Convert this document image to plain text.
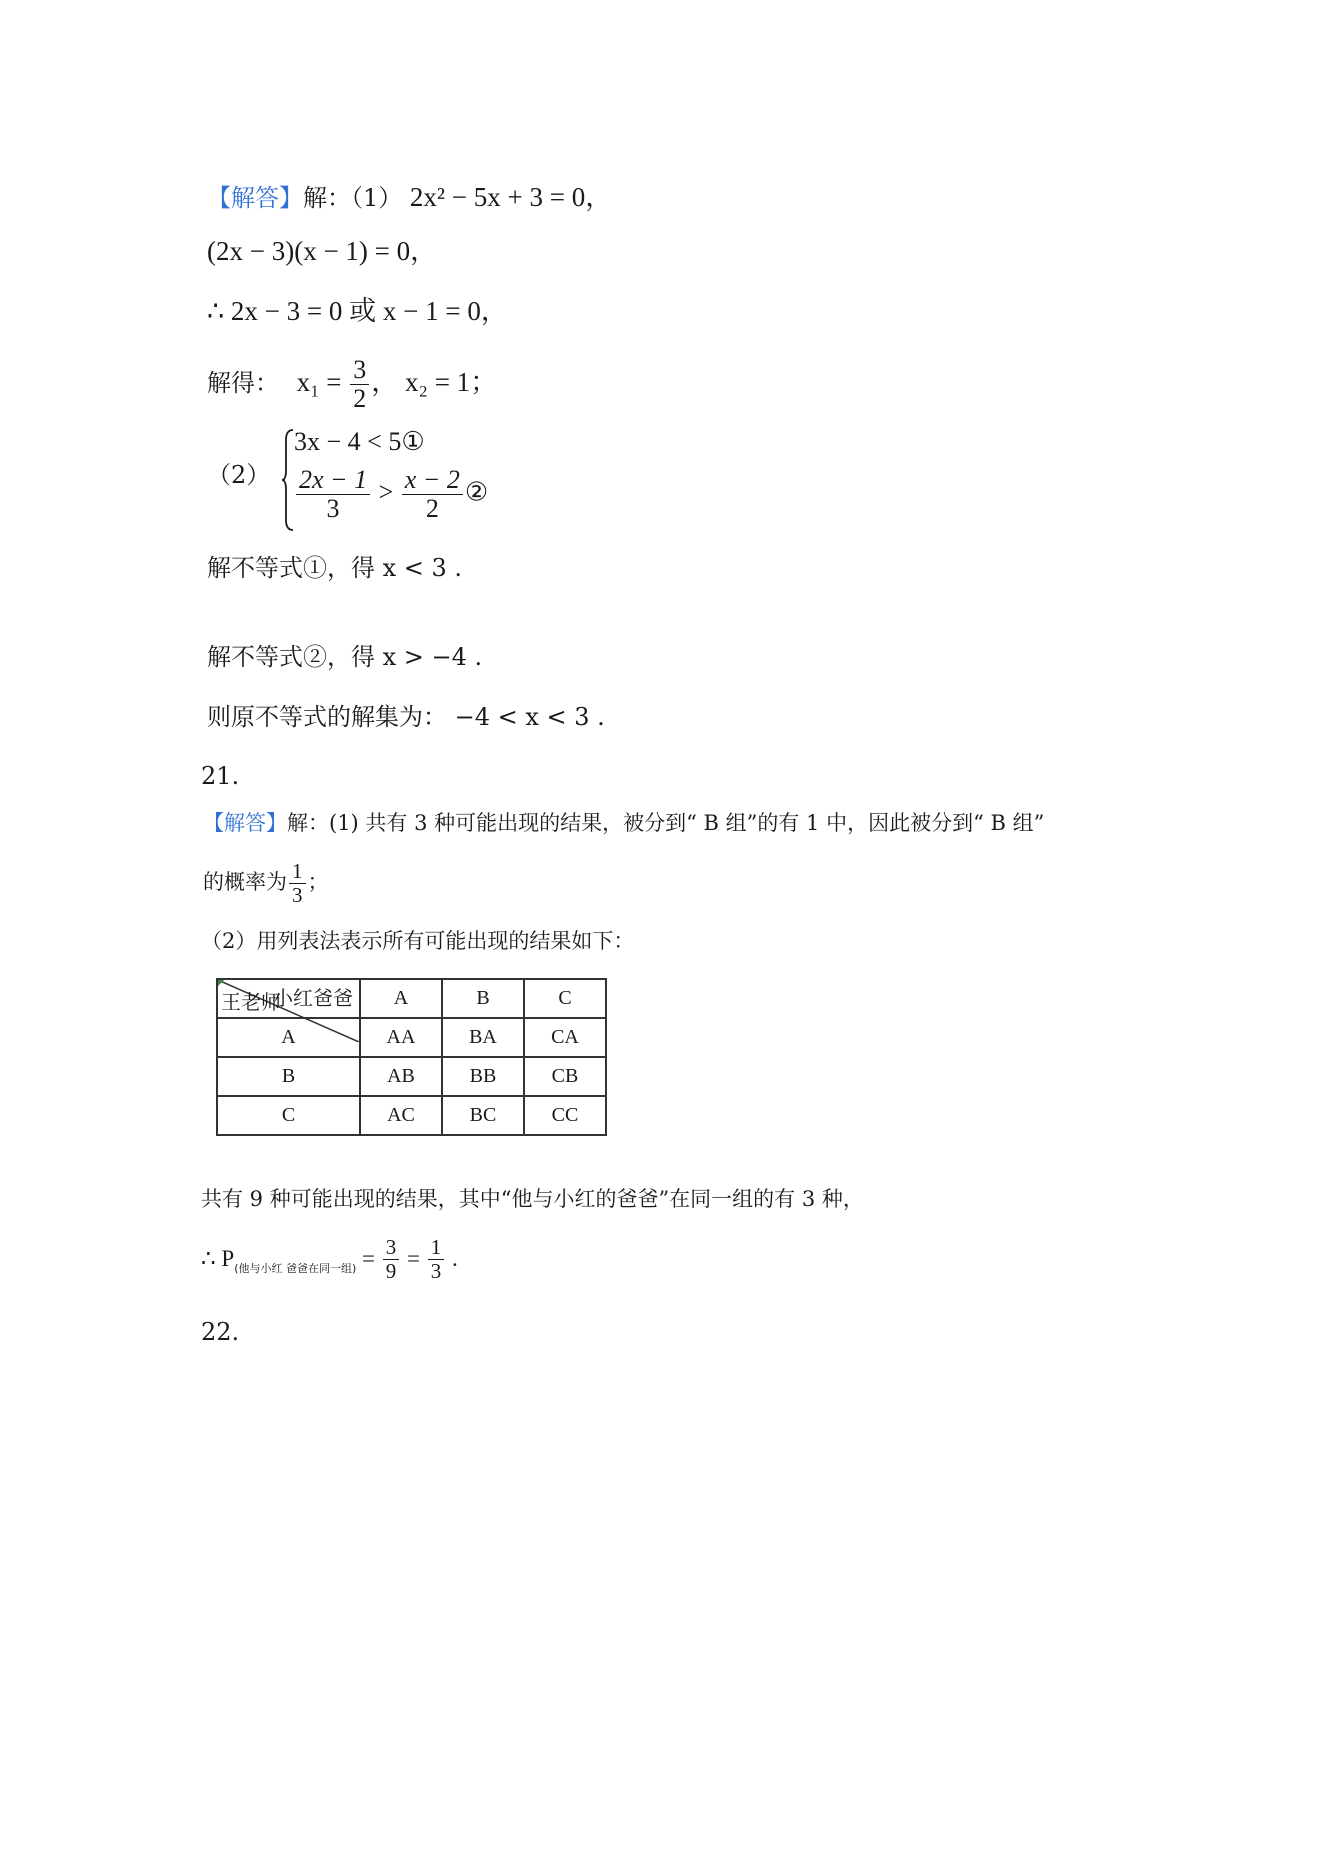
【解答】解：（1） 2x² − 5x + 3 = 0，
(2x − 3)(x − 1) = 0，
∴ 2x − 3 = 0 或 x − 1 = 0，
解得： $x_1 = \frac{3}{2}$ ， x₂ = 1；
（2）
3x − 4 < 5①
$\frac{2x - 1}{3} > \frac{x - 2}{2}$ ②
解不等式①，得 x < 3 .
解不等式②，得 x > −4 .
则原不等式的解集为： −4 < x < 3 .
21.
【解答】解：(1) 共有 3 种可能出现的结果，被分到“ B 组”的有 1 中，因此被分到“ B 组”
的概率为 $\frac{1}{3}$ ；
（2）用列表法表示所有可能出现的结果如下：
小红爸爸
王老师	A	B	C
A	AA	BA	CA
B	AB	BB	CB
C	AC	BC	CC
共有 9 种可能出现的结果，其中“他与小红的爸爸”在同一组的有 3 种，
∴ $P_{(他与小红 爸爸在同一组)} = \frac{3}{9} = \frac{1}{3}$ .
22.
